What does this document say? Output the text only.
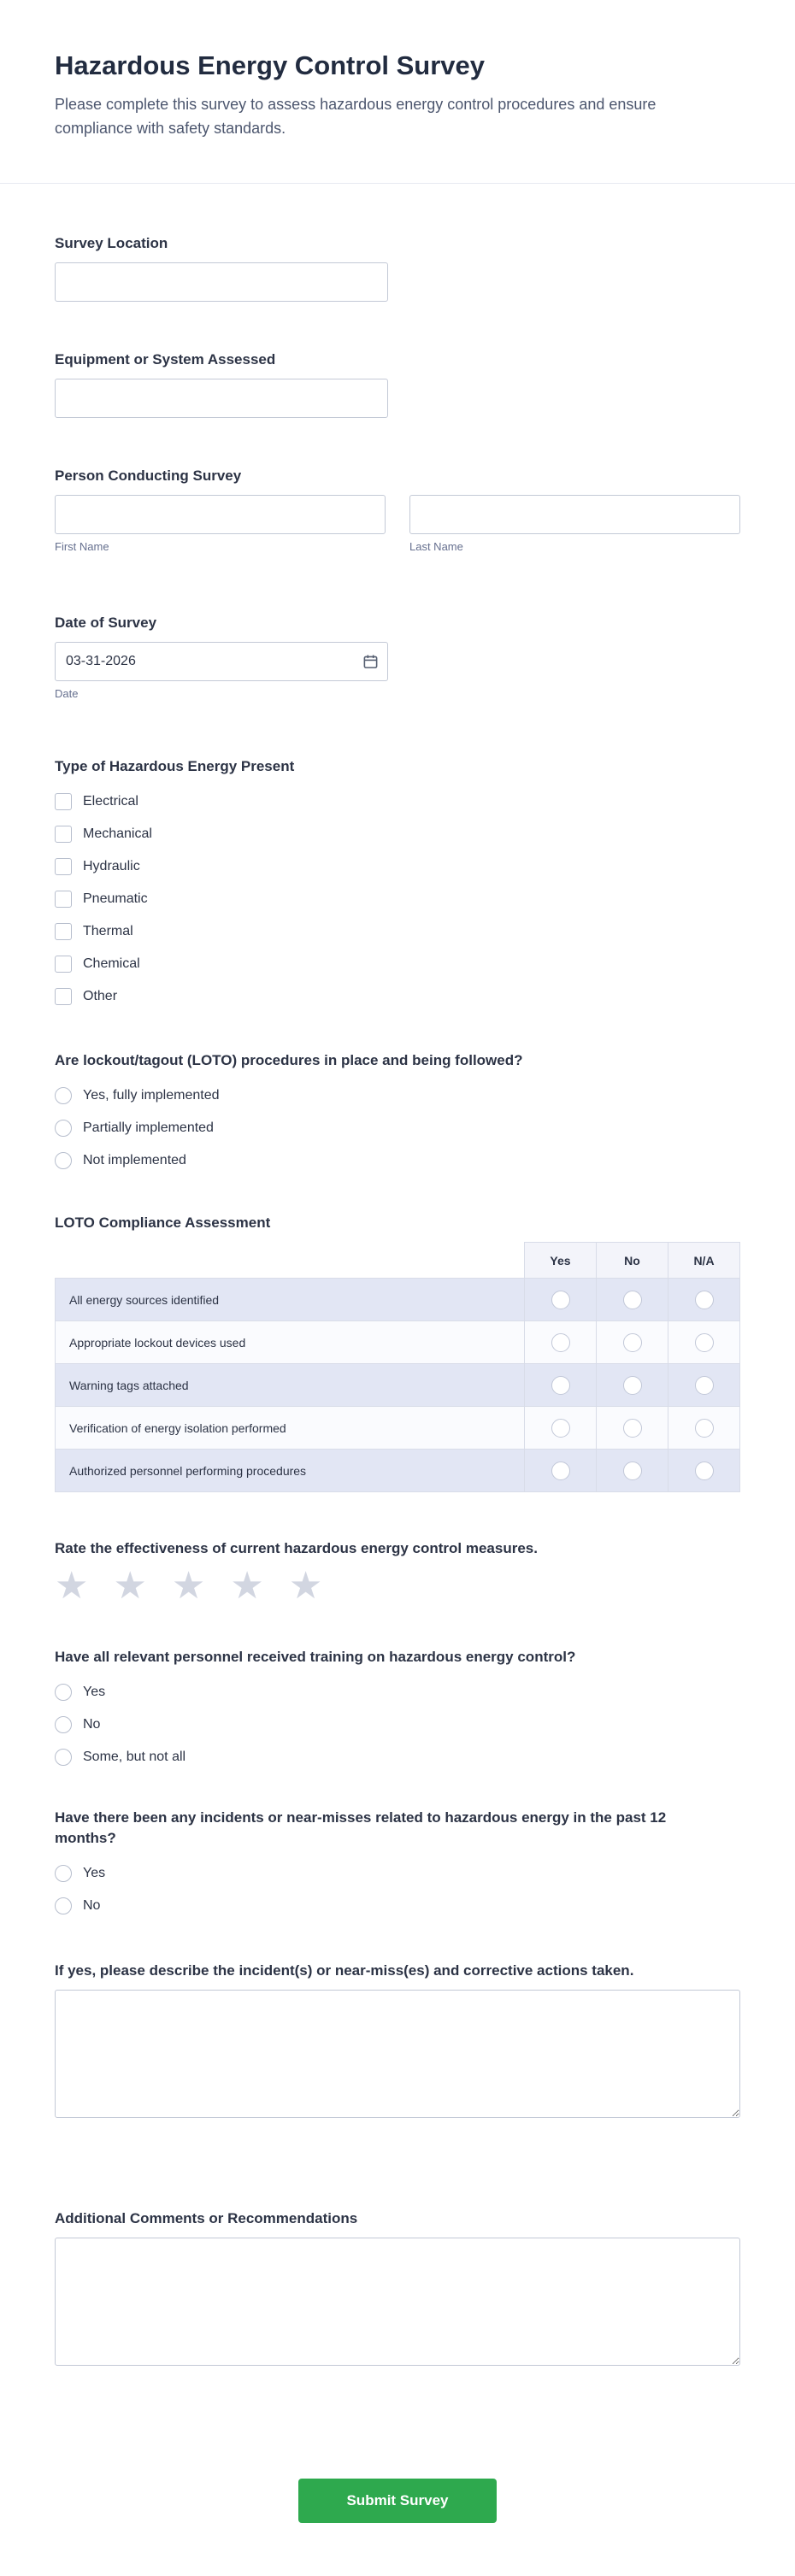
Hazardous Energy Control Survey
Please complete this survey to assess hazardous energy control procedures and ensure compliance with safety standards.
Survey Location
Equipment or System Assessed
Person Conducting Survey
First Name	Last Name
Date of Survey
03-31-2026
Date
Type of Hazardous Energy Present
Electrical
Mechanical
Hydraulic
Pneumatic
Thermal
Chemical
Other
Are lockout/tagout (LOTO) procedures in place and being followed?
Yes, fully implemented
Partially implemented
Not implemented
LOTO Compliance Assessment
	Yes	No	N/A
All energy sources identified			
Appropriate lockout devices used			
Warning tags attached			
Verification of energy isolation performed			
Authorized personnel performing procedures			
Rate the effectiveness of current hazardous energy control measures.
★ ★ ★ ★ ★
Have all relevant personnel received training on hazardous energy control?
Yes
No
Some, but not all
Have there been any incidents or near-misses related to hazardous energy in the past 12 months?
Yes
No
If yes, please describe the incident(s) or near-miss(es) and corrective actions taken.
Additional Comments or Recommendations
Submit Survey
